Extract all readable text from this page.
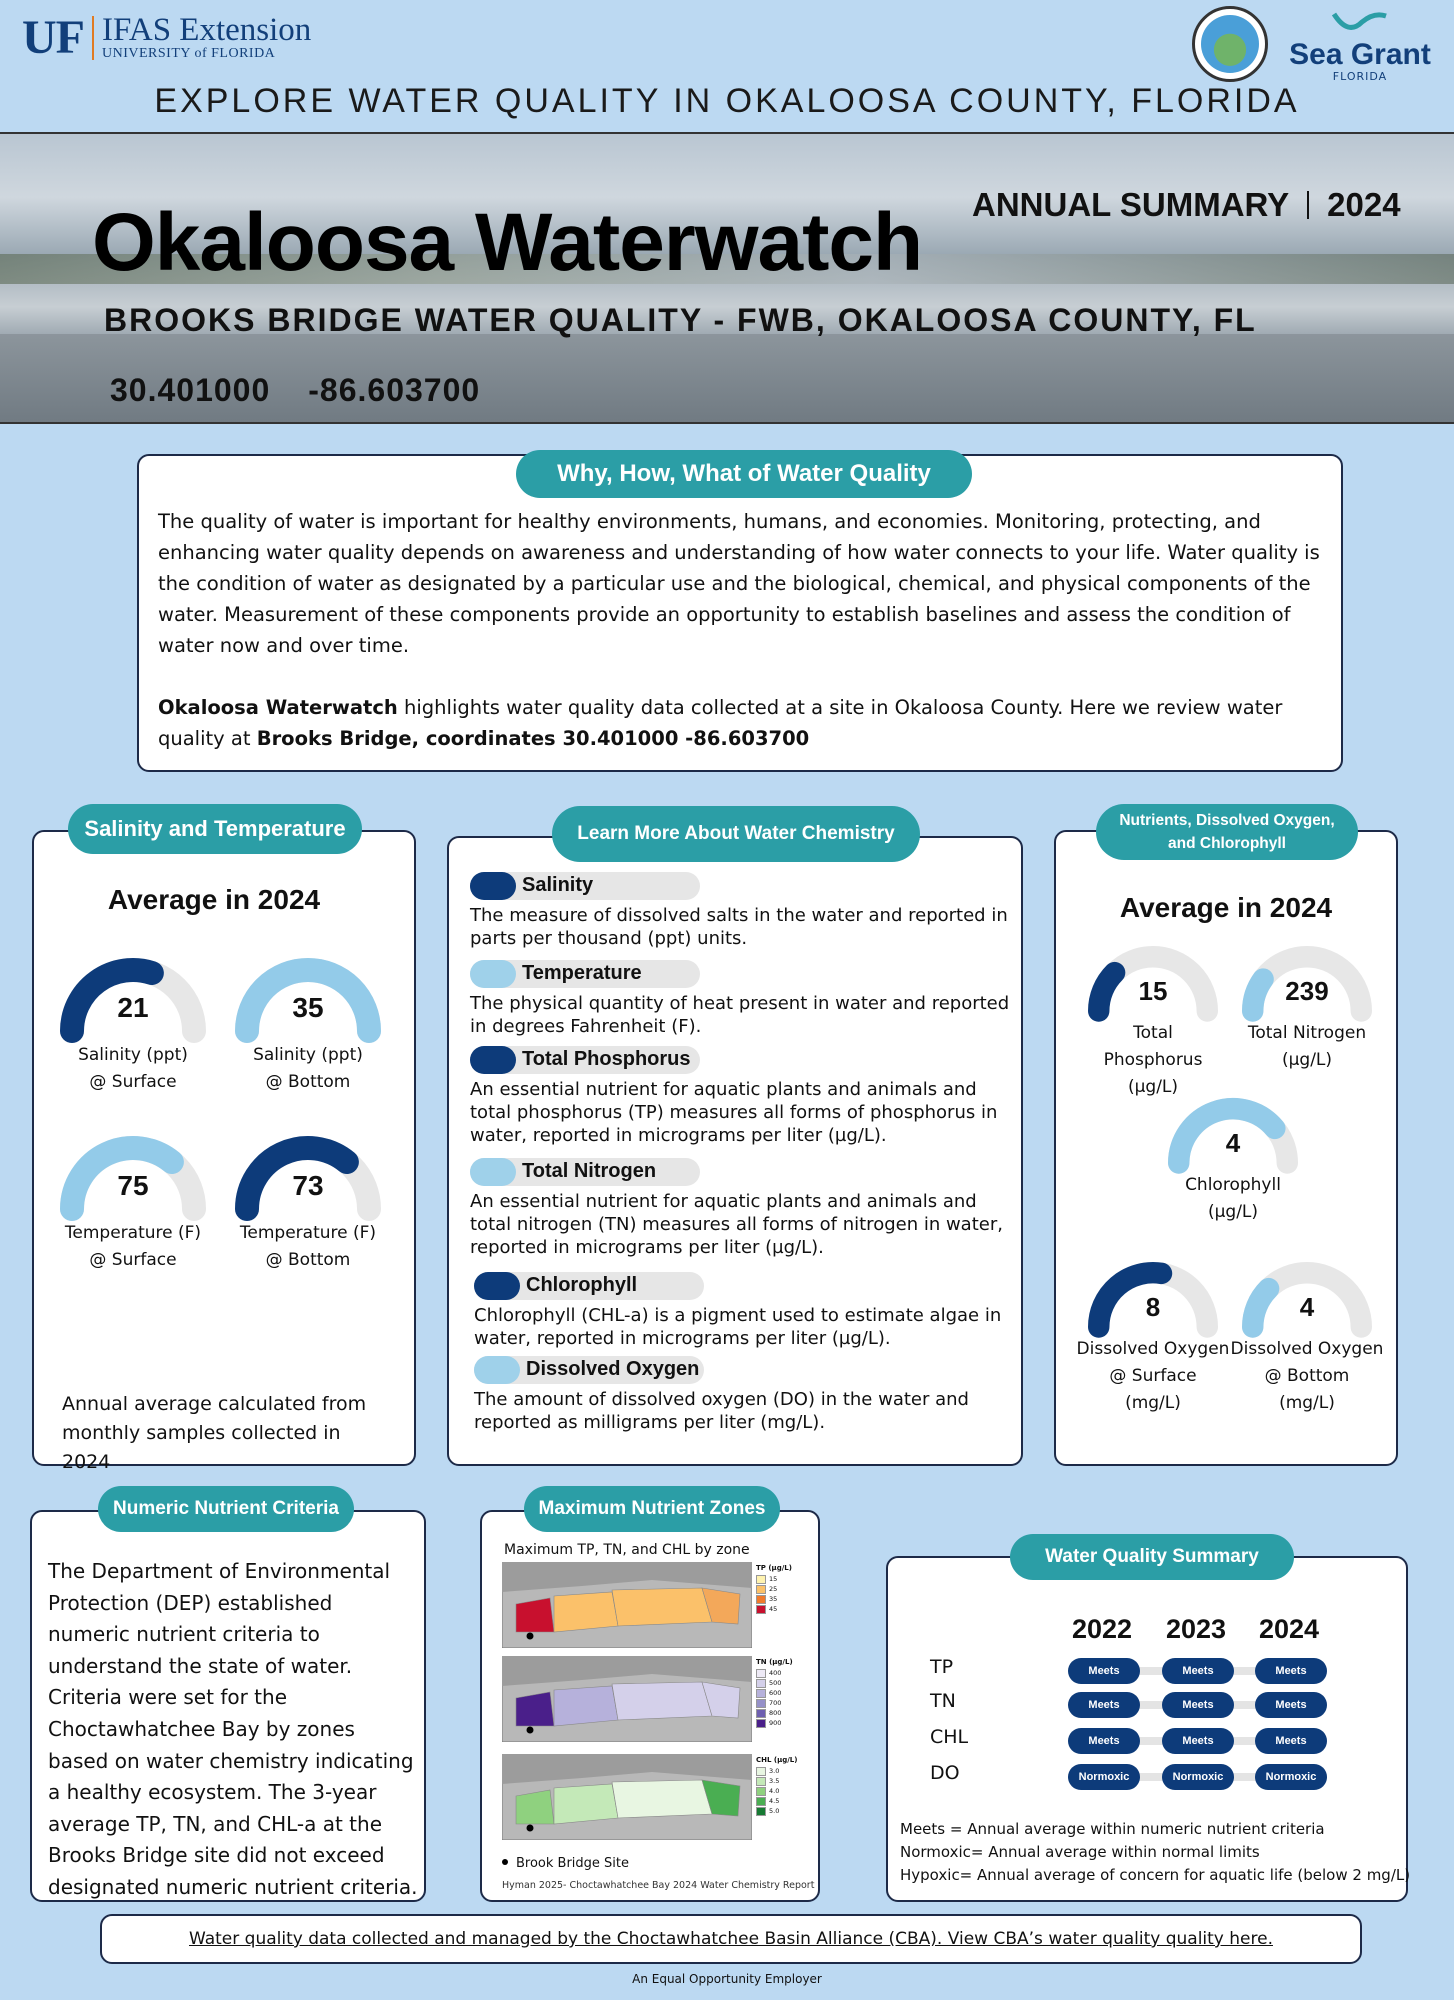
UF IFAS Extension
UNIVERSITY of FLORIDA	Sea Grant
FLORIDA
EXPLORE WATER QUALITY IN OKALOOSA COUNTY, FLORIDA
ANNUAL SUMMARY 2024
Okaloosa Waterwatch
BROOKS BRIDGE WATER QUALITY - FWB, OKALOOSA COUNTY, FL
30.401000 -86.603700
Why, How, What of Water Quality

The quality of water is important for healthy environments, humans, and economies. Monitoring, protecting, and enhancing water quality depends on awareness and understanding of how water connects to your life. Water quality is the condition of water as designated by a particular use and the biological, chemical, and physical components of the water. Measurement of these components provide an opportunity to establish baselines and assess the condition of water now and over time.

Okaloosa Waterwatch highlights water quality data collected at a site in Okaloosa County. Here we review water quality at Brooks Bridge, coordinates 30.401000 -86.603700

Salinity and Temperature
Average in 2024
21
Salinity (ppt)
@ Surface
35
Salinity (ppt)
@ Bottom
75
Temperature (F)
@ Surface
73
Temperature (F)
@ Bottom
Annual average calculated from monthly samples collected in 2024
Learn More About Water Chemistry
Salinity
The measure of dissolved salts in the water and reported in parts per thousand (ppt) units.
Temperature
The physical quantity of heat present in water and reported in degrees Fahrenheit (F).
Total Phosphorus
An essential nutrient for aquatic plants and animals and total phosphorus (TP) measures all forms of phosphorus in water, reported in micrograms per liter (µg/L).
Total Nitrogen
An essential nutrient for aquatic plants and animals and total nitrogen (TN) measures all forms of nitrogen in water, reported in micrograms per liter (µg/L).
Chlorophyll
Chlorophyll (CHL-a) is a pigment used to estimate algae in water, reported in micrograms per liter (µg/L).
Dissolved Oxygen
The amount of dissolved oxygen (DO) in the water and reported as milligrams per liter (mg/L).
Nutrients, Dissolved Oxygen,
and Chlorophyll
Average in 2024
15
Total
Phosphorus
(µg/L)
239
Total Nitrogen
(µg/L)
4
Chlorophyll
(µg/L)
8
Dissolved Oxygen
@ Surface
(mg/L)
4
Dissolved Oxygen
@ Bottom
(mg/L)
Numeric Nutrient Criteria
The Department of Environmental Protection (DEP) established numeric nutrient criteria to understand the state of water. Criteria were set for the Choctawhatchee Bay by zones based on water chemistry indicating a healthy ecosystem. The 3-year average TP, TN, and CHL-a at the Brooks Bridge site did not exceed designated numeric nutrient criteria.
Maximum Nutrient Zones
Maximum TP, TN, and CHL by zone
TP (µg/L)
15
25
35
45
TN (µg/L)
400
500
600
700
800
900
CHL (µg/L)
3.0
3.5
4.0
4.5
5.0
Brook Bridge Site
Hyman 2025- Choctawhatchee Bay 2024 Water Chemistry Report
Water Quality Summary
2022 2023 2024
TP	Meets	Meets	Meets
TN	Meets	Meets	Meets
CHL	Meets	Meets	Meets
DO	Normoxic	Normoxic	Normoxic
Meets = Annual average within numeric nutrient criteria
Normoxic= Annual average within normal limits
Hypoxic= Annual average of concern for aquatic life (below 2 mg/L)
Water quality data collected and managed by the Choctawhatchee Basin Alliance (CBA). View CBA’s water quality quality here.
An Equal Opportunity Employer
